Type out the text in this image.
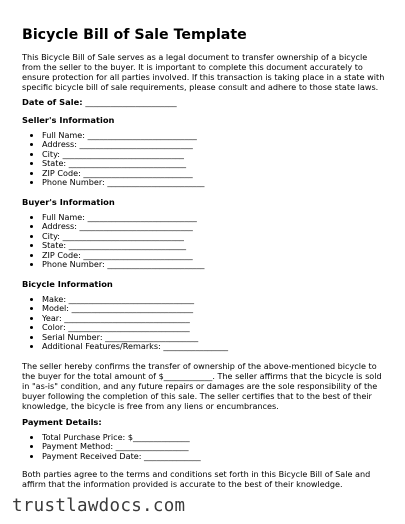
Bicycle Bill of Sale Template

This Bicycle Bill of Sale serves as a legal document to transfer ownership of a bicycle from the seller to the buyer. It is important to complete this document accurately to ensure protection for all parties involved. If this transaction is taking place in a state with specific bicycle bill of sale requirements, please consult and adhere to those state laws.

Date of Sale: ______________________

Seller's Information

• Full Name: ___________________________
• Address: ____________________________
• City: ______________________________
• State: _____________________________
• ZIP Code: ___________________________
• Phone Number: ________________________

Buyer's Information

• Full Name: ___________________________
• Address: ____________________________
• City: ______________________________
• State: _____________________________
• ZIP Code: ___________________________
• Phone Number: ________________________

Bicycle Information

• Make: _______________________________
• Model: ______________________________
• Year: _______________________________
• Color: ______________________________
• Serial Number: _______________________
• Additional Features/Remarks: ________________

The seller hereby confirms the transfer of ownership of the above-mentioned bicycle to the buyer for the total amount of $____________. The seller affirms that the bicycle is sold in "as-is" condition, and any future repairs or damages are the sole responsibility of the buyer following the completion of this sale. The seller certifies that to the best of their knowledge, the bicycle is free from any liens or encumbrances.

Payment Details:

• Total Purchase Price: $______________
• Payment Method: __________________
• Payment Received Date: ______________

Both parties agree to the terms and conditions set forth in this Bicycle Bill of Sale and affirm that the information provided is accurate to the best of their knowledge.

trustlawdocs.com
